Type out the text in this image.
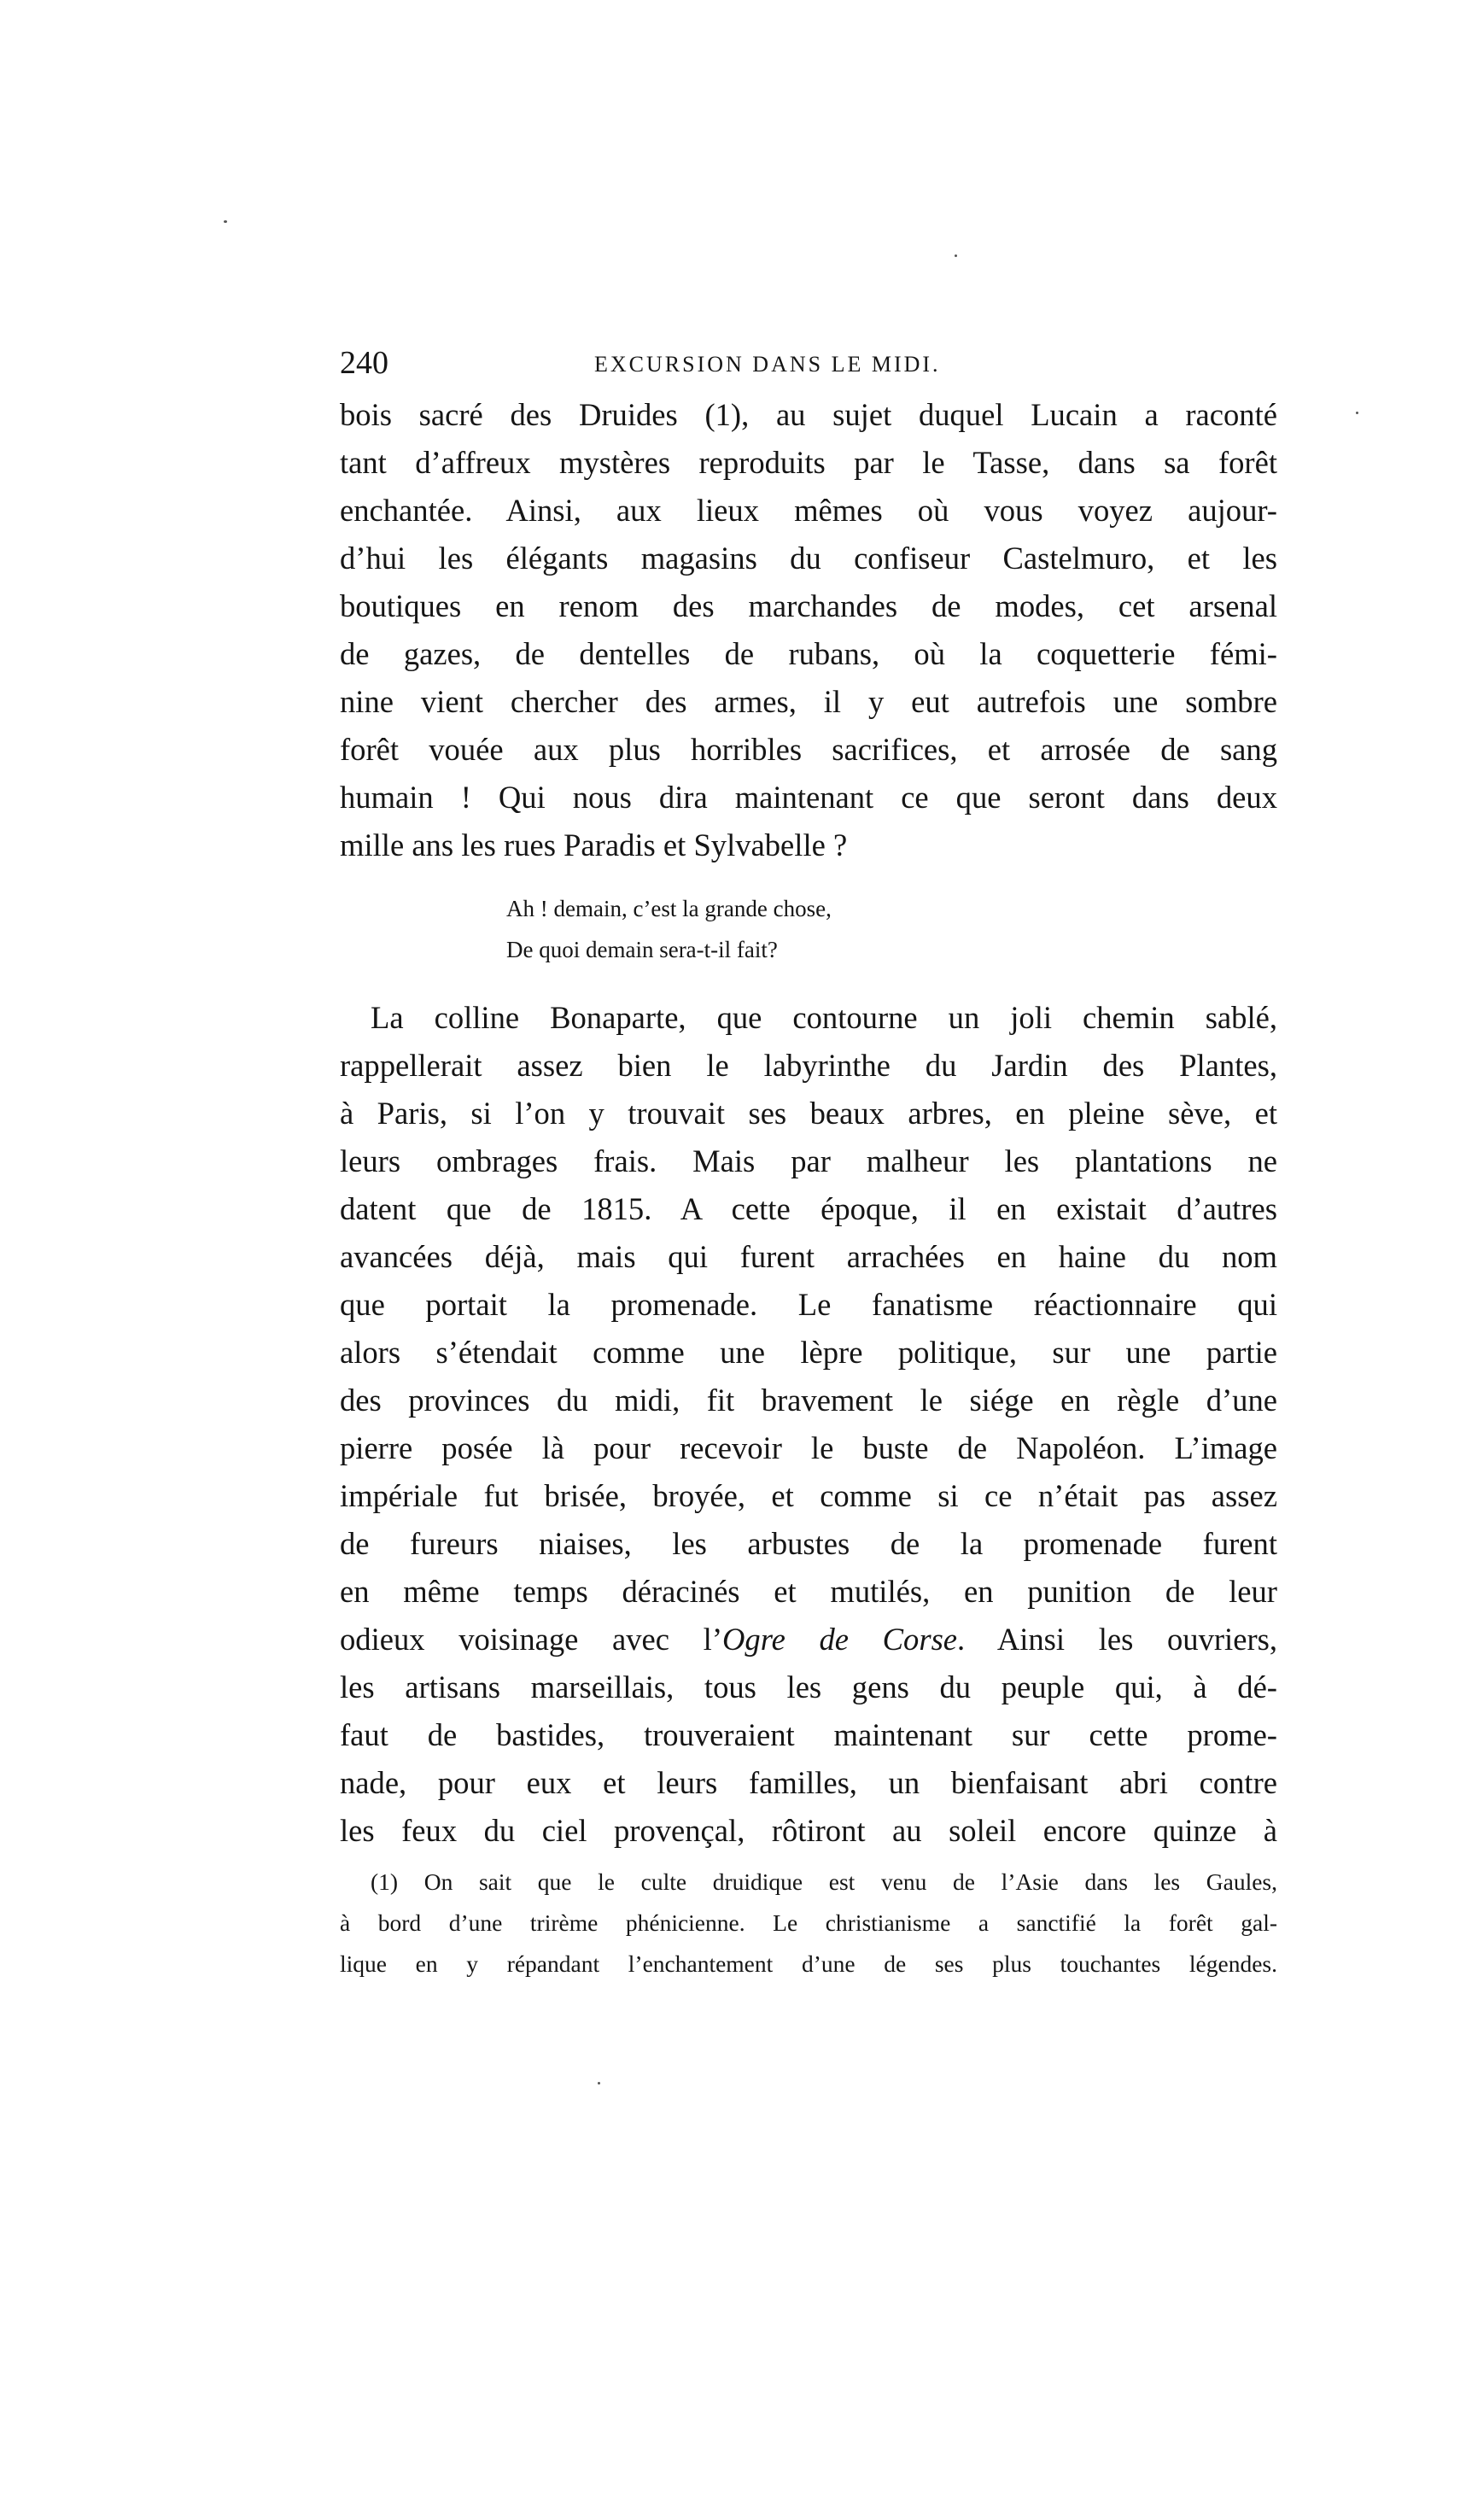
240	EXCURSION DANS LE MIDI.

bois sacré des Druides (1), au sujet duquel Lucain a raconté
tant d’affreux mystères reproduits par le Tasse, dans sa forêt
enchantée. Ainsi, aux lieux mêmes où vous voyez aujour-
d’hui les élégants magasins du confiseur Castelmuro, et les
boutiques en renom des marchandes de modes, cet arsenal
de gazes, de dentelles de rubans, où la coquetterie fémi-
nine vient chercher des armes, il y eut autrefois une sombre
forêt vouée aux plus horribles sacrifices, et arrosée de sang
humain ! Qui nous dira maintenant ce que seront dans deux
mille ans les rues Paradis et Sylvabelle ?

Ah ! demain, c’est la grande chose,
De quoi demain sera-t-il fait?

La colline Bonaparte, que contourne un joli chemin sablé,
rappellerait assez bien le labyrinthe du Jardin des Plantes,
à Paris, si l’on y trouvait ses beaux arbres, en pleine sève, et
leurs ombrages frais. Mais par malheur les plantations ne
datent que de 1815. A cette époque, il en existait d’autres
avancées déjà, mais qui furent arrachées en haine du nom
que portait la promenade. Le fanatisme réactionnaire qui
alors s’étendait comme une lèpre politique, sur une partie
des provinces du midi, fit bravement le siége en règle d’une
pierre posée là pour recevoir le buste de Napoléon. L’image
impériale fut brisée, broyée, et comme si ce n’était pas assez
de fureurs niaises, les arbustes de la promenade furent
en même temps déracinés et mutilés, en punition de leur
odieux voisinage avec l’Ogre de Corse. Ainsi les ouvriers,
les artisans marseillais, tous les gens du peuple qui, à dé-
faut de bastides, trouveraient maintenant sur cette prome-
nade, pour eux et leurs familles, un bienfaisant abri contre
les feux du ciel provençal, rôtiront au soleil encore quinze à

(1) On sait que le culte druidique est venu de l’Asie dans les Gaules,
à bord d’une trirème phénicienne. Le christianisme a sanctifié la forêt gal-
lique en y répandant l’enchantement d’une de ses plus touchantes légendes.
